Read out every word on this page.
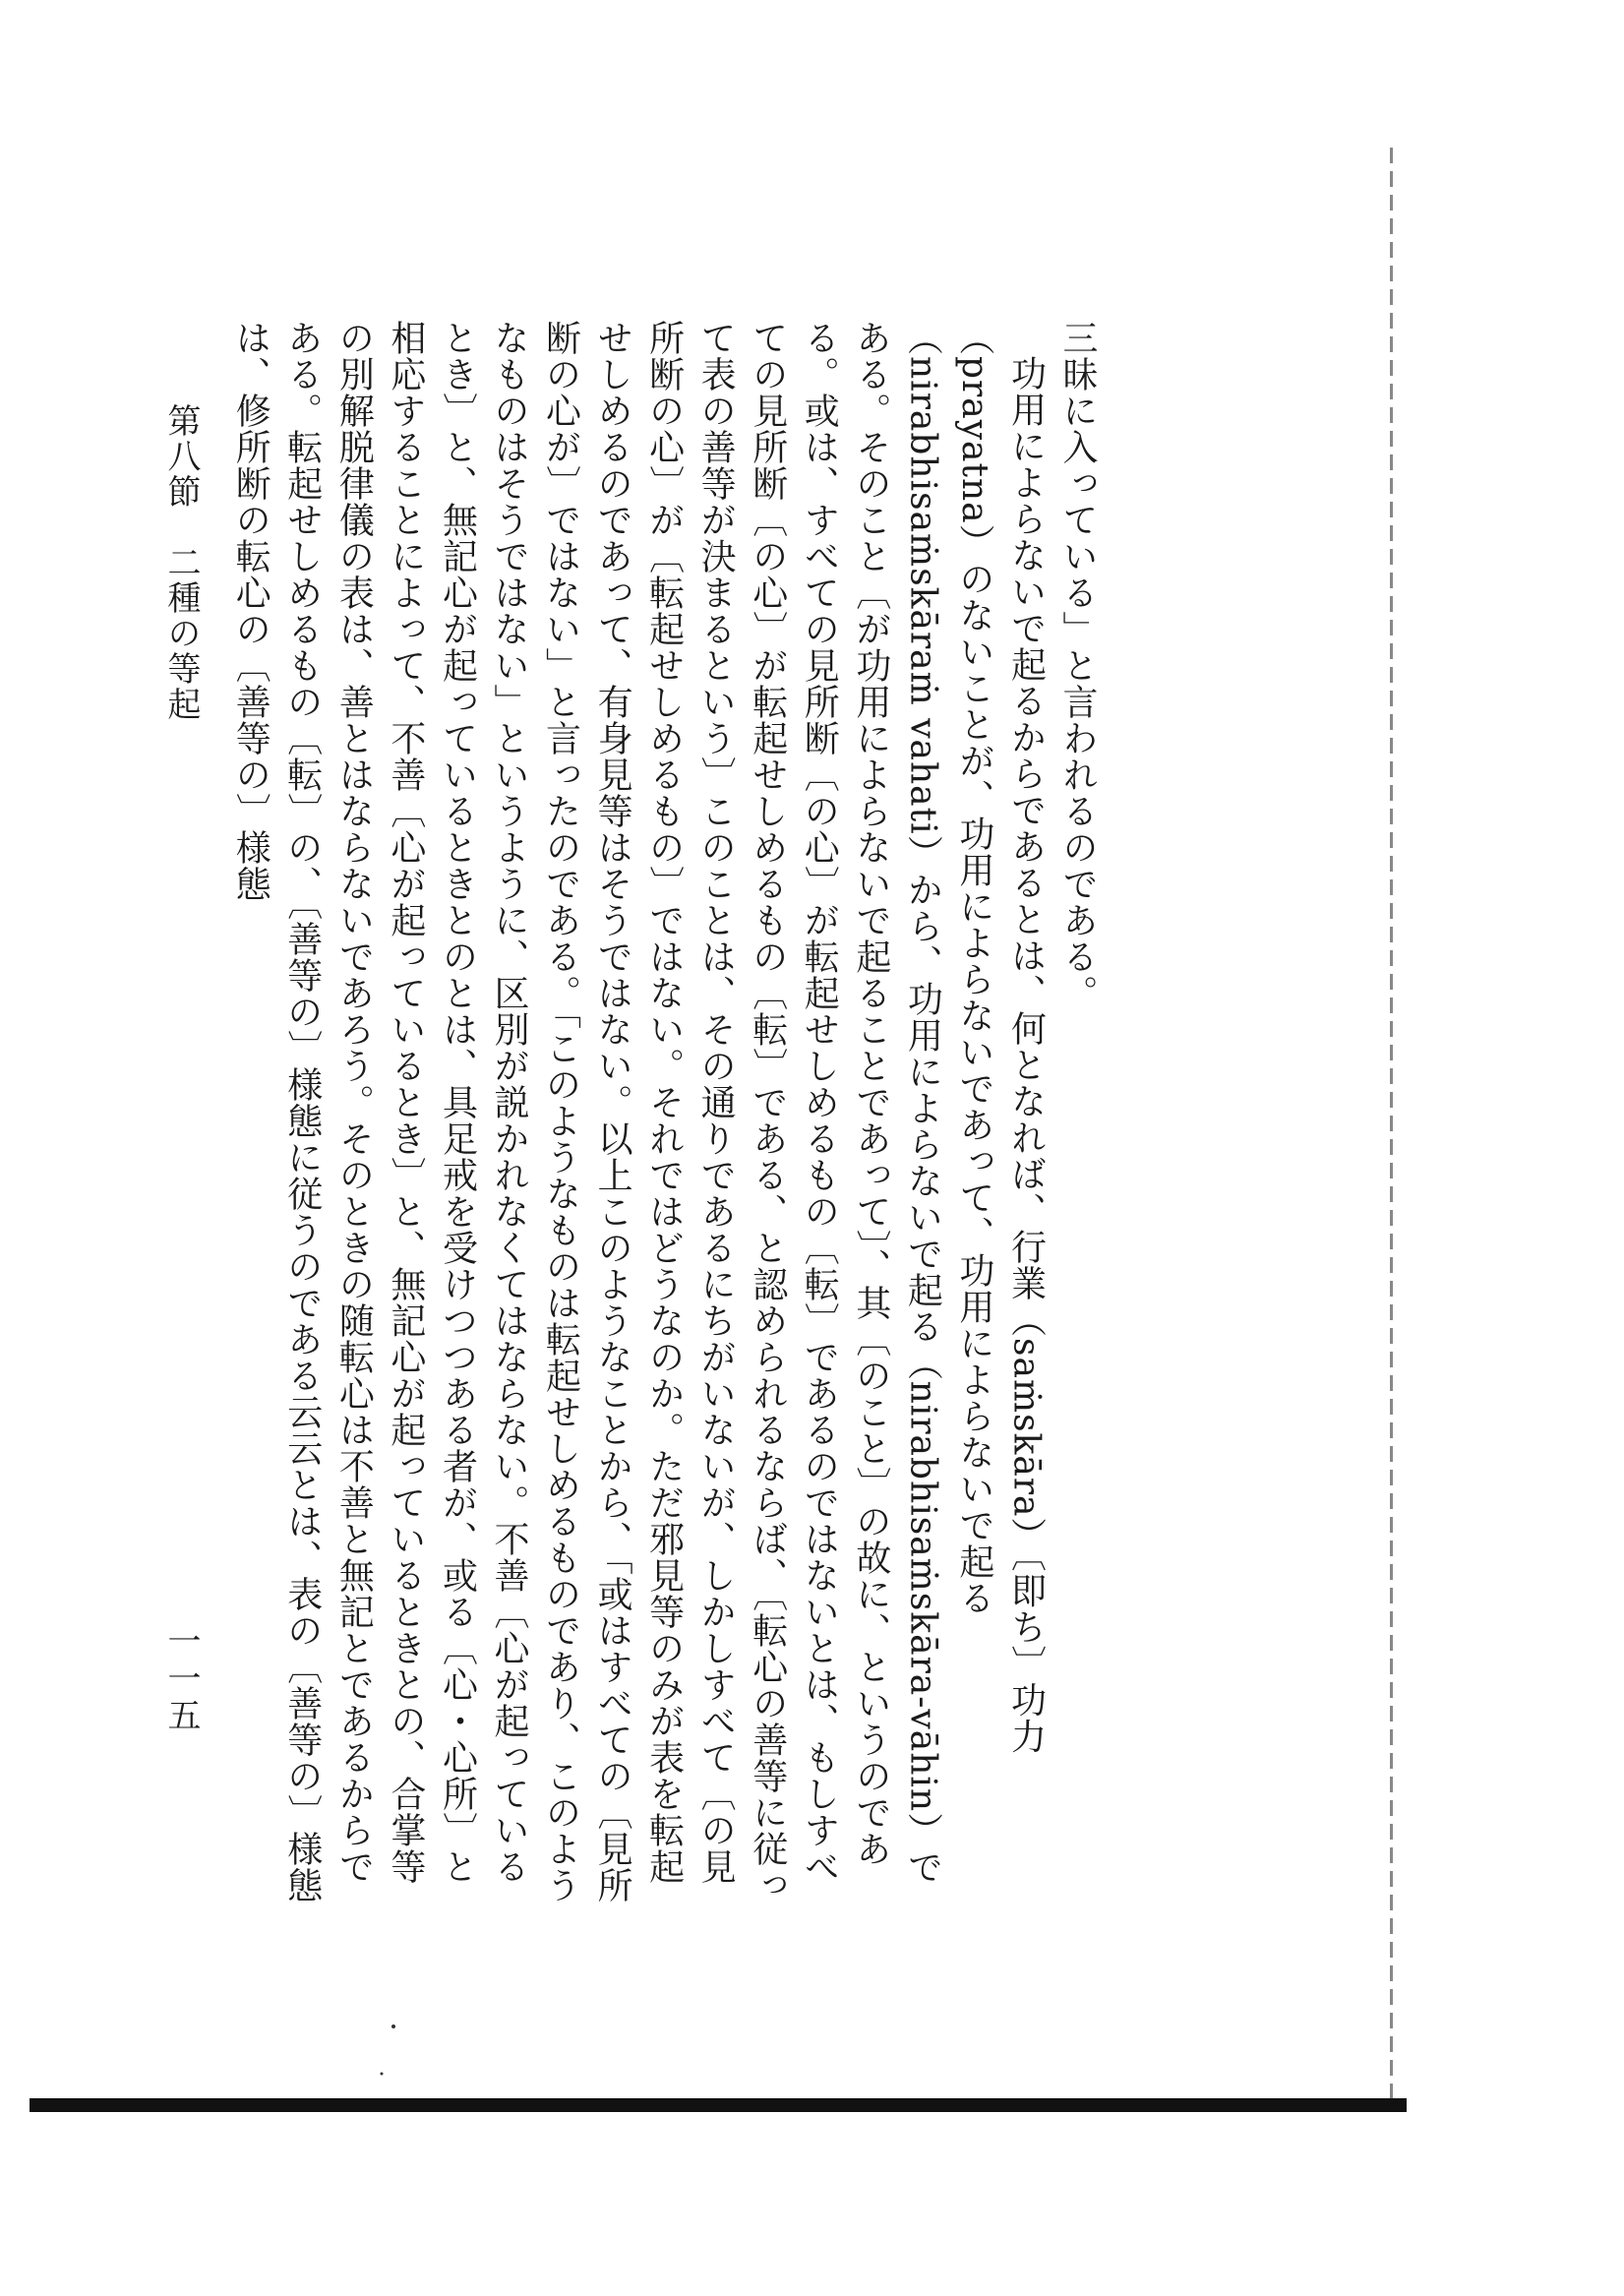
三昧に入っている」と言われるのである。

功用によらないで起るからであるとは、何となれば、行業（saṁskāra）〔即ち〕功力（prayatna）のないことが、功用によらないであって、功用によらないで起る（nirabhisaṁskāraṁ vahati）から、功用によらないで起る（nirabhisaṁskāra-vāhin）である。そのこと〔が功用によらないで起ることであって〕、其〔のこと〕の故に、というのである。或は、すべての見所断〔の心〕が転起せしめるもの〔転〕であるのではないとは、もしすべての見所断〔の心〕が転起せしめるもの〔転〕である、と認められるならば、〔転心の善等に従って表の善等が決まるという〕このことは、その通りであるにちがいないが、しかしすべて〔の見所断の心〕が〔転起せしめるもの〕ではない。それではどうなのか。ただ邪見等のみが表を転起せしめるのであって、有身見等はそうではない。以上このようなことから、「或はすべての〔見所断の心が〕ではない」と言ったのである。「このようなものは転起せしめるものであり、このようなものはそうではない」というように、区別が説かれなくてはならない。不善〔心が起っているとき〕と、無記心が起っているときとのとは、具足戒を受けつつある者が、或る〔心・心所〕と相応することによって、不善〔心が起っているとき〕と、無記心が起っているときとの、合掌等の別解脱律儀の表は、善とはならないであろう。そのときの随転心は不善と無記とであるからである。転起せしめるもの〔転〕の、〔善等の〕様態に従うのである云云とは、表の〔善等の〕様態は、修所断の転心の〔善等の〕様態

第八節　二種の等起
一一五
